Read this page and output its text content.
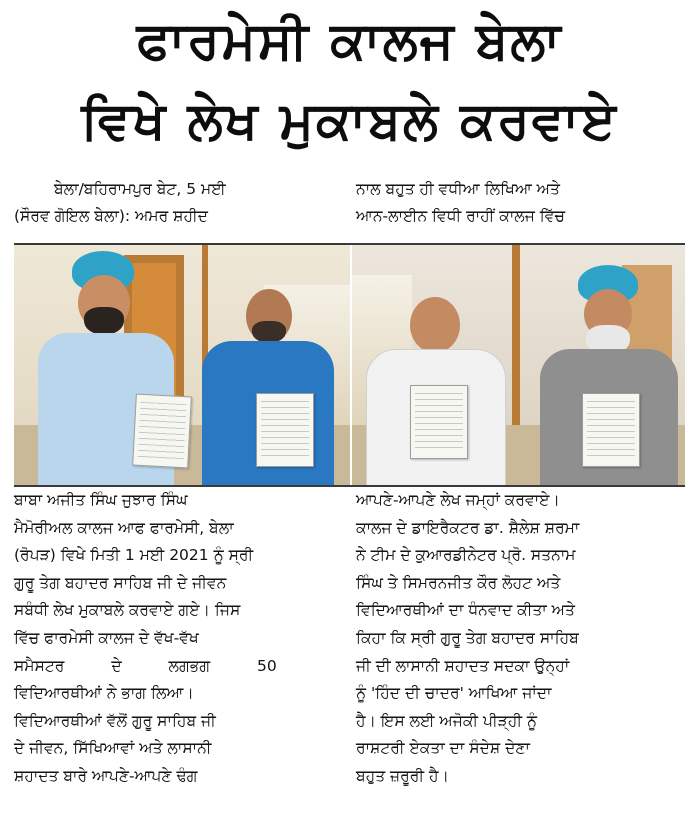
ਫਾਰਮੇਸੀ ਕਾਲਜ ਬੇਲਾ
ਵਿਖੇ ਲੇਖ ਮੁਕਾਬਲੇ ਕਰਵਾਏ

ਬੇਲਾ/ਬਹਿਰਾਮਪੁਰ ਬੇਟ, 5 ਮਈ

(ਸੌਰਵ ਗੋਇਲ ਬੇਲਾ): ਅਮਰ ਸ਼ਹੀਦ

ਨਾਲ ਬਹੁਤ ਹੀ ਵਧੀਆ ਲਿਖਿਆ ਅਤੇ

ਆਨ-ਲਾਈਨ ਵਿਧੀ ਰਾਹੀਂ ਕਾਲਜ ਵਿੱਚ

ਬਾਬਾ ਅਜੀਤ ਸਿੰਘ ਜੁਝਾਰ ਸਿੰਘ

ਮੈਮੋਰੀਅਲ ਕਾਲਜ ਆਫ ਫਾਰਮੇਸੀ, ਬੇਲਾ

(ਰੋਪੜ) ਵਿਖੇ ਮਿਤੀ 1 ਮਈ 2021 ਨੂੰ ਸ੍ਰੀ

ਗੁਰੂ ਤੇਗ ਬਹਾਦਰ ਸਾਹਿਬ ਜੀ ਦੇ ਜੀਵਨ

ਸਬੰਧੀ ਲੇਖ ਮੁਕਾਬਲੇ ਕਰਵਾਏ ਗਏ। ਜਿਸ

ਵਿੱਚ ਫਾਰਮੇਸੀ ਕਾਲਜ ਦੇ ਵੱਖ-ਵੱਖ

ਸਮੈਸਟਰ ਦੇ ਲਗਭਗ 50

ਵਿਦਿਆਰਥੀਆਂ ਨੇ ਭਾਗ ਲਿਆ।

ਵਿਦਿਆਰਥੀਆਂ ਵੱਲੋਂ ਗੁਰੂ ਸਾਹਿਬ ਜੀ

ਦੇ ਜੀਵਨ, ਸਿੱਖਿਆਵਾਂ ਅਤੇ ਲਾਸਾਨੀ

ਸ਼ਹਾਦਤ ਬਾਰੇ ਆਪਣੇ-ਆਪਣੇ ਢੰਗ

ਆਪਣੇ-ਆਪਣੇ ਲੇਖ ਜਮ੍ਹਾਂ ਕਰਵਾਏ।

ਕਾਲਜ ਦੇ ਡਾਇਰੈਕਟਰ ਡਾ. ਸ਼ੈਲੇਸ਼ ਸ਼ਰਮਾ

ਨੇ ਟੀਮ ਦੇ ਕੁਆਰਡੀਨੇਟਰ ਪ੍ਰੋ. ਸਤਨਾਮ

ਸਿੰਘ ਤੇ ਸਿਮਰਨਜੀਤ ਕੌਰ ਲੋਹਟ ਅਤੇ

ਵਿਦਿਆਰਥੀਆਂ ਦਾ ਧੰਨਵਾਦ ਕੀਤਾ ਅਤੇ

ਕਿਹਾ ਕਿ ਸ੍ਰੀ ਗੁਰੂ ਤੇਗ ਬਹਾਦਰ ਸਾਹਿਬ

ਜੀ ਦੀ ਲਾਸਾਨੀ ਸ਼ਹਾਦਤ ਸਦਕਾ ਉਨ੍ਹਾਂ

ਨੂੰ 'ਹਿੰਦ ਦੀ ਚਾਦਰ' ਆਖਿਆ ਜਾਂਦਾ

ਹੈ। ਇਸ ਲਈ ਅਜੋਕੀ ਪੀੜ੍ਹੀ ਨੂੰ

ਰਾਸ਼ਟਰੀ ਏਕਤਾ ਦਾ ਸੰਦੇਸ਼ ਦੇਣਾ

ਬਹੁਤ ਜ਼ਰੂਰੀ ਹੈ।
